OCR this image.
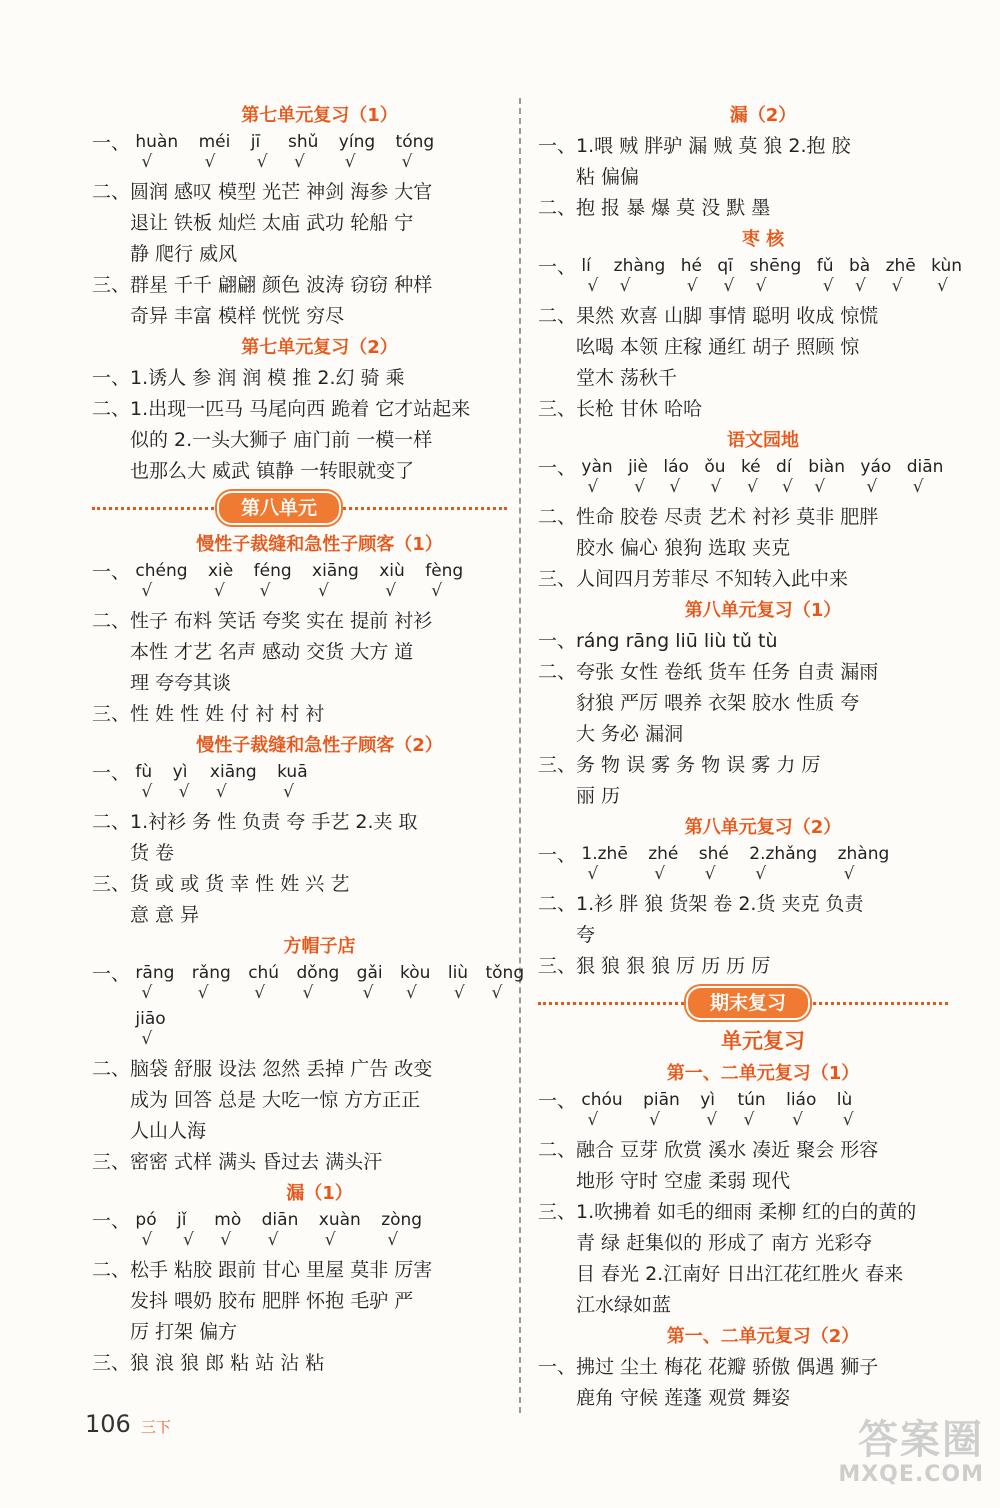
第七单元复习（1）
一、 huàn
√

méi
√

jī
√

shǔ
√

yíng
√

tóng
√
二、圆润 感叹 模型 光芒 神剑 海参 大官
退让 铁板 灿烂 太庙 武功 轮船 宁
静 爬行 威风
三、群星 千千 翩翩 颜色 波涛 窃窃 种样
奇异 丰富 模样 恍恍 穷尽
第七单元复习（2）
一、1.诱人 参 润 润 模 推 2.幻 骑 乘
二、1.出现一匹马 马尾向西 跪着 它才站起来
似的 2.一头大狮子 庙门前 一模一样
也那么大 威武 镇静 一转眼就变了
第八单元
慢性子裁缝和急性子顾客（1）
一、 chéng
√

xiè
√

féng
√

xiāng
√

xiù
√

fèng
√
二、性子 布料 笑话 夸奖 实在 提前 衬衫
本性 才艺 名声 感动 交货 大方 道
理 夸夸其谈
三、性 姓 性 姓 付 衬 村 衬
慢性子裁缝和急性子顾客（2）
一、 fù
√

yì
√

xiāng
√

kuā
√
二、1.衬衫 务 性 负责 夸 手艺 2.夹 取
货 卷
三、货 或 或 货 幸 性 姓 兴 艺
意 意 异
方帽子店
一、 rāng
√

rǎng
√

chú
√

dǒng
√

gǎi
√

kòu
√

liù
√

tǒng
√

jiāo
√
二、脑袋 舒服 设法 忽然 丢掉 广告 改变
成为 回答 总是 大吃一惊 方方正正
人山人海
三、密密 式样 满头 昏过去 满头汗
漏（1）
一、 pó
√

jǐ
√

mò
√

diān
√

xuàn
√

zòng
√
二、松手 粘胶 跟前 甘心 里屋 莫非 厉害
发抖 喂奶 胶布 肥胖 怀抱 毛驴 严
厉 打架 偏方
三、狼 浪 狼 郎 粘 站 沾 粘
漏（2）
一、1.喂 贼 胖驴 漏 贼 莫 狼 2.抱 胶
粘 偏偏
二、抱 报 暴 爆 莫 没 默 墨
枣 核
一、 lí
√

zhàng
√

hé
√

qī
√

shēng
√

fǔ
√

bà
√

zhē
√

kùn
√
二、果然 欢喜 山脚 事情 聪明 收成 惊慌
吆喝 本领 庄稼 通红 胡子 照顾 惊
堂木 荡秋千
三、长枪 甘休 哈哈
语文园地
一、 yàn
√

jiè
√

láo
√

ǒu
√

ké
√

dí
√

biàn
√

yáo
√

diān
√
二、性命 胶卷 尽责 艺术 衬衫 莫非 肥胖
胶水 偏心 狼狗 选取 夹克
三、人间四月芳菲尽 不知转入此中来
第八单元复习（1）
一、ráng rāng liū liù tǔ tù
二、夸张 女性 卷纸 货车 任务 自责 漏雨
豺狼 严厉 喂养 衣架 胶水 性质 夸
大 务必 漏洞
三、务 物 误 雾 务 物 误 雾 力 厉
丽 历
第八单元复习（2）
一、 1.zhē
√

zhé
√

shé
√

2.zhǎng
√

zhàng
√
二、1.衫 胖 狼 货架 卷 2.货 夹克 负责
夸
三、狠 狼 狠 狼 厉 历 历 厉
期末复习
单元复习
第一、二单元复习（1）
一、 chóu
√

piān
√

yì
√

tún
√

liáo
√

lù
√
二、融合 豆芽 欣赏 溪水 凑近 聚会 形容
地形 守时 空虚 柔弱 现代
三、1.吹拂着 如毛的细雨 柔柳 红的白的黄的
青 绿 赶集似的 形成了 南方 光彩夺
目 春光 2.江南好 日出江花红胜火 春来
江水绿如蓝
第一、二单元复习（2）
一、拂过 尘土 梅花 花瓣 骄傲 偶遇 狮子
鹿角 守候 莲蓬 观赏 舞姿
106 三下	答案圈
MXQE.COM
